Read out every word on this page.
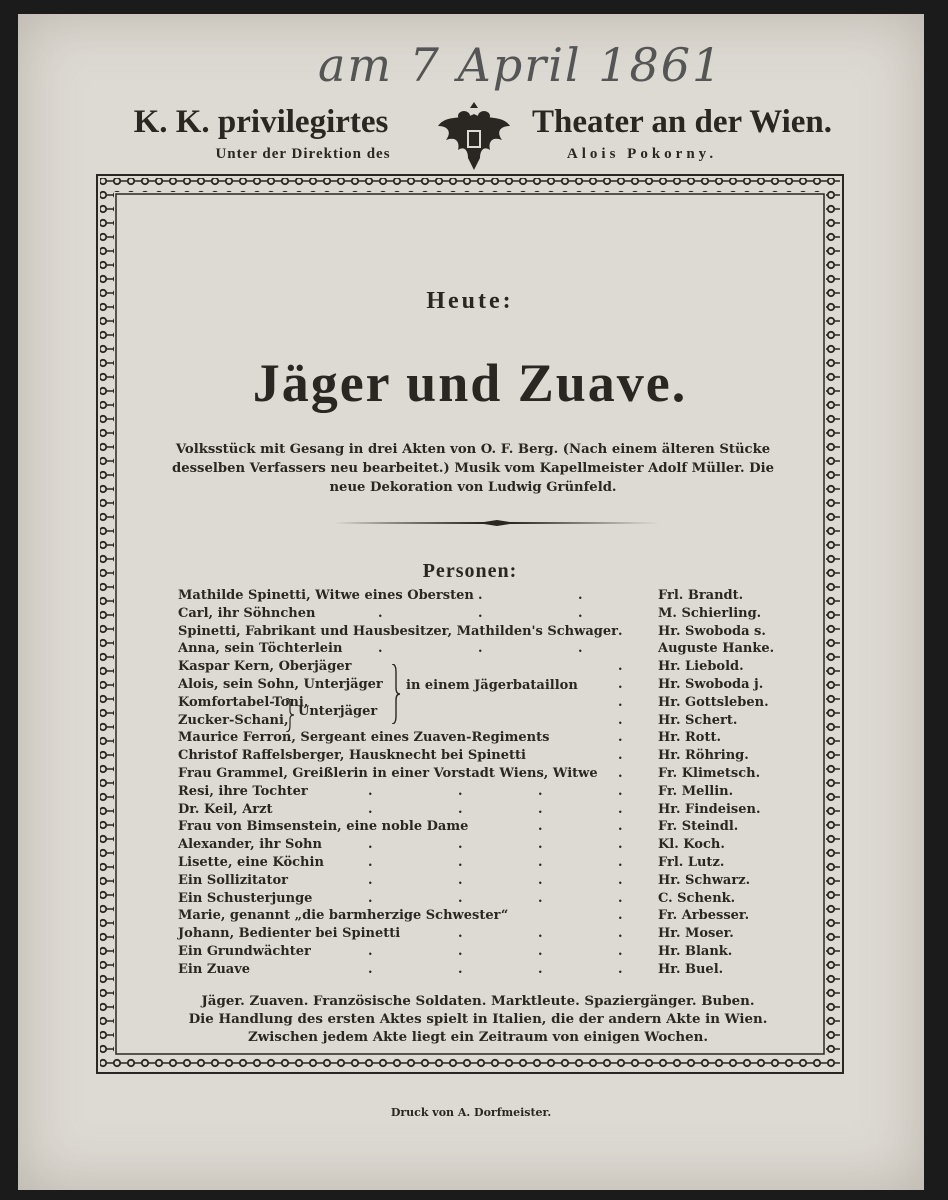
am 7 April 1861
K. K. privilegirtes	Theater an der Wien.
Unter der Direktion des	Alois Pokorny.
Heute:
Jäger und Zuave.
Volksstück mit Gesang in drei Akten von O. F. Berg. (Nach einem älteren Stücke desselben Verfassers neu bearbeitet.) Musik vom Kapellmeister Adolf Müller. Die neue Dekoration von Ludwig Grünfeld.
Personen:
Mathilde Spinetti, Witwe eines Obersten .	.	Frl. Brandt.
Carl, ihr Söhnchen	.	.	.	M. Schierling.
Spinetti, Fabrikant und Hausbesitzer, Mathilden's Schwager .	Hr. Swoboda s.
Anna, sein Töchterlein	.	.	.	Auguste Hanke.
Kaspar Kern, Oberjäger	.	Hr. Liebold.
Alois, sein Sohn, Unterjäger	.	Hr. Swoboda j.
Komfortabel-Toni,	.	Hr. Gottsleben.
Zucker-Schani,	.	Hr. Schert.
Maurice Ferron, Sergeant eines Zuaven-Regiments	.	Hr. Rott.
Christof Raffelsberger, Hausknecht bei Spinetti	.	Hr. Röhring.
Frau Grammel, Greißlerin in einer Vorstadt Wiens, Witwe .	Fr. Klimetsch.
Resi, ihre Tochter	.	.	.	.	Fr. Mellin.
Dr. Keil, Arzt	.	.	.	.	Hr. Findeisen.
Frau von Bimsenstein, eine noble Dame	.	.	Fr. Steindl.
Alexander, ihr Sohn	.	.	.	.	Kl. Koch.
Lisette, eine Köchin	.	.	.	.	Frl. Lutz.
Ein Sollizitator	.	.	.	.	Hr. Schwarz.
Ein Schusterjunge	.	.	.	.	C. Schenk.
Marie, genannt „die barmherzige Schwester“	.	Fr. Arbesser.
Johann, Bedienter bei Spinetti	.	.	.	Hr. Moser.
Ein Grundwächter	.	.	.	.	Hr. Blank.
Ein Zuave	.	.	.	.	Hr. Buel.
in einem Jägerbataillon
Unterjäger
Jäger. Zuaven. Französische Soldaten. Marktleute. Spaziergänger. Buben.
Die Handlung des ersten Aktes spielt in Italien, die der andern Akte in Wien. Zwischen jedem Akte liegt ein Zeitraum von einigen Wochen.
Druck von A. Dorfmeister.
